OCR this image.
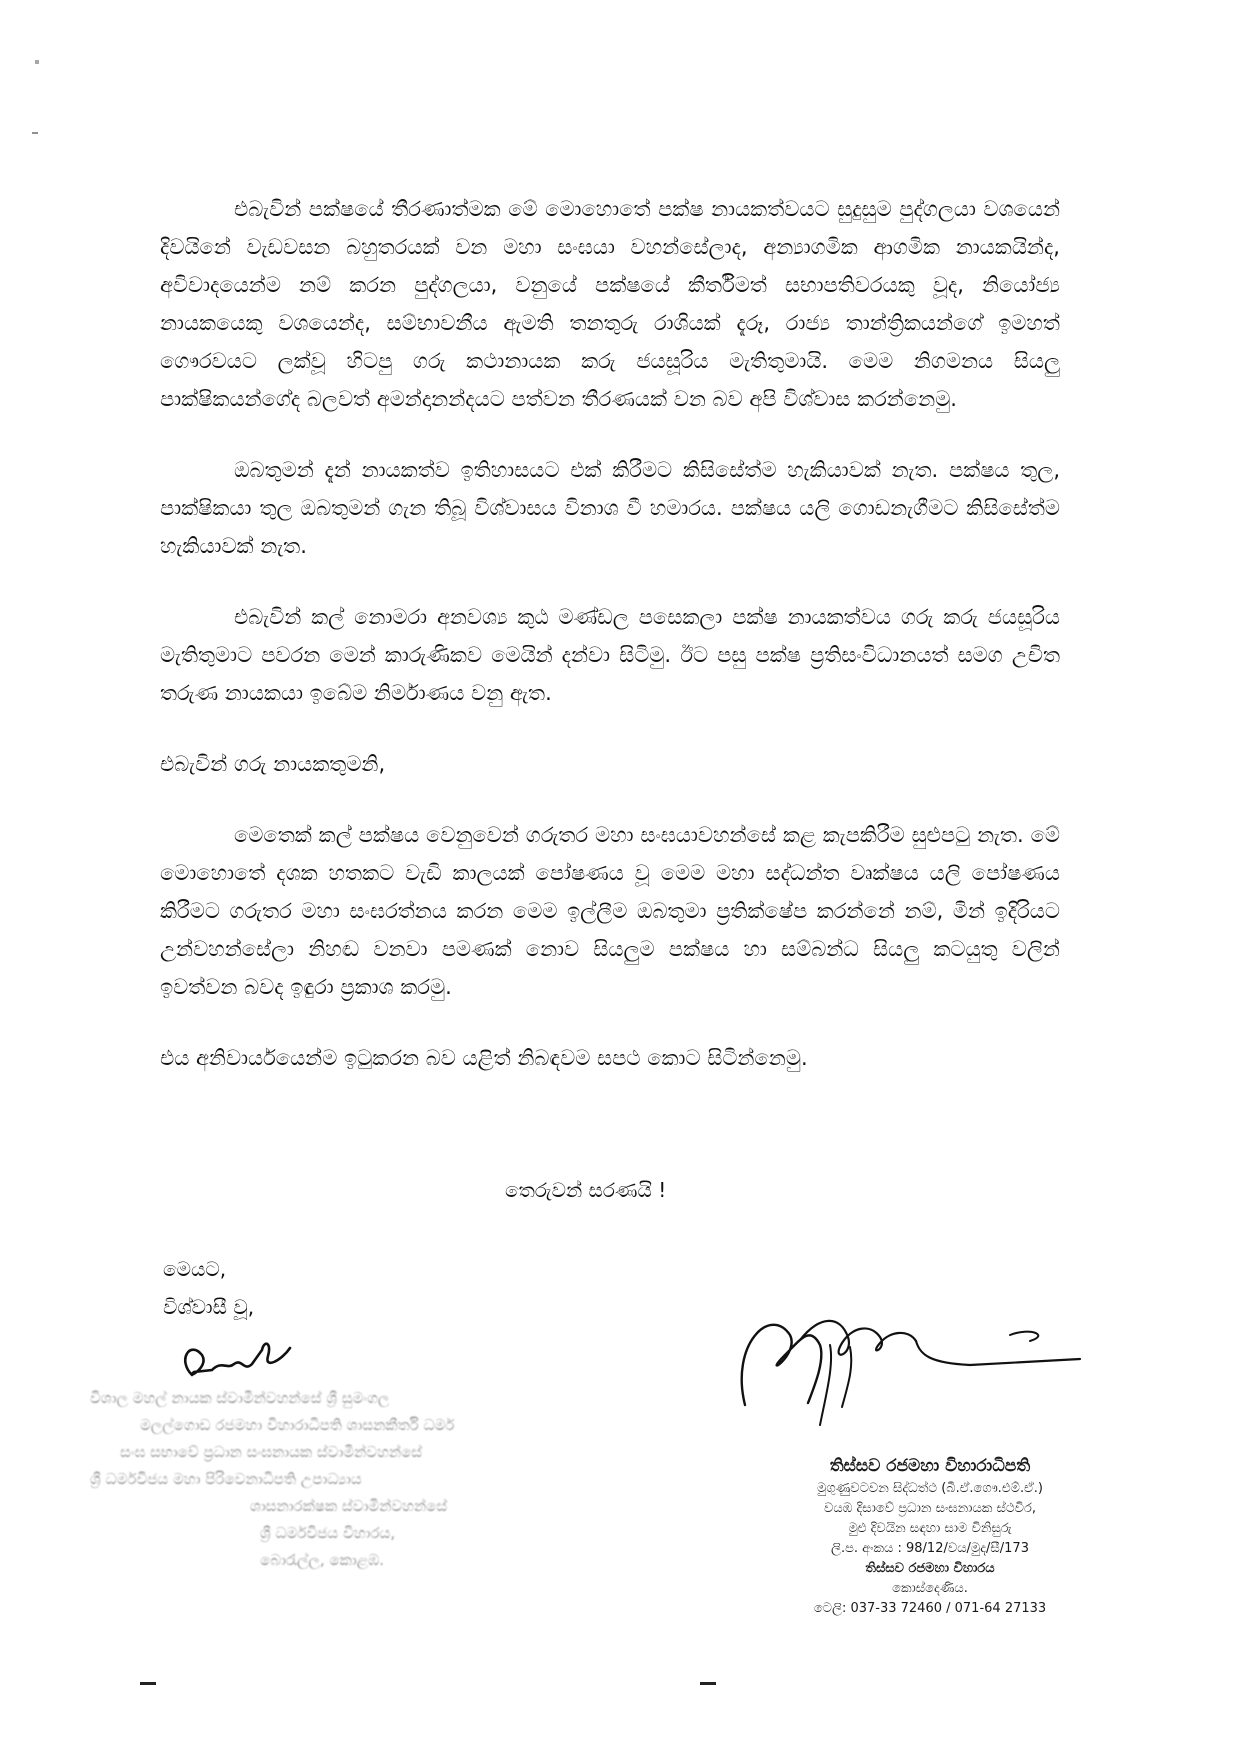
එබැවින් පක්ෂයේ තීරණාත්මක මේ මොහොතේ පක්ෂ නායකත්වයට සුදුසුම පුද්ගලයා වශයෙන් දිවයිනේ වැඩවසන බහුතරයක් වන මහා සංඝයා වහන්සේලාද, අන්‍යාගමික ආගමික නායකයින්ද, අවිවාදයෙන්ම නම් කරන පුද්ගලයා, වනුයේ පක්ෂයේ කීර්තිමත් සභාපතිවරයකු වූද, නියෝජ්‍ය නායකයෙකු වශයෙන්ද, සම්භාවනීය ඇමති තනතුරු රාශියක් දැරූ, රාජ්‍ය තාන්ත්‍රිකයන්ගේ ඉමහත් ගෞරවයට ලක්වූ හිටපු ගරු කථානායක කරු ජයසූරිය මැතිතුමායි. මෙම නිගමනය සියලු පාක්ෂිකයන්ගේද බලවත් අමන්දානන්දයට පත්වන තීරණයක් වන බව අපි විශ්වාස කරන්නෙමු.

ඔබතුමන් දැන් නායකත්ව ඉතිහාසයට එක් කිරීමට කිසිසේත්ම හැකියාවක් නැත. පක්ෂය තුල, පාක්ෂිකයා තුල ඔබතුමන් ගැන තිබූ විශ්වාසය විනාශ වී හමාරය. පක්ෂය යලි ගොඩනැගීමට කිසිසේත්ම හැකියාවක් නැත.

එබැවින් කල් නොමරා අනවශ්‍ය කුඨ මණ්ඩල පසෙකලා පක්ෂ නායකත්වය ගරු කරු ජයසූරිය මැතිතුමාට පවරන මෙන් කාරුණිකව මෙයින් දන්වා සිටිමු. ඊට පසු පක්ෂ ප්‍රතිසංවිධානයත් සමග උචිත තරුණ නායකයා ඉබේම නිර්මාණය වනු ඇත.

එබැවින් ගරු නායකතුමනි,

මෙතෙක් කල් පක්ෂය වෙනුවෙන් ගරුතර මහා සංඝයාවහන්සේ කළ කැපකිරීම සුළුපටු නැත. මේ මොහොතේ දශක හතකට වැඩි කාලයක් පෝෂණය වූ මෙම මහා සද්ධන්ත වෘක්ෂය යලි පෝෂණය කිරීමට ගරුතර මහා සංඝරත්නය කරන මෙම ඉල්ලීම ඔබතුමා ප්‍රතික්ෂේප කරන්නේ නම්, මින් ඉදිරියට උන්වහන්සේලා නිහඬ වනවා පමණක් නොව සියලුම පක්ෂය හා සම්බන්ධ සියලු කටයුතු වලින් ඉවත්වන බවද ඉඳුරා ප්‍රකාශ කරමු.

එය අනිවාර්යයෙන්ම ඉටුකරන බව යළිත් නිබඳවම සපථ කොට සිටින්නෙමු.

තෙරුවන් සරණයි !
මෙයට,
විශ්වාසී වූ,
විශාල මහල් නායක ස්වාමීන්වහන්සේ ශ්‍රී සුමංගල
මලල්ගොඩ රජමහා විහාරාධිපති ශාසනකීර්ති ධර්ම
සංඝ සභාවේ ප්‍රධාන සංඝනායක ස්වාමීන්වහන්සේ
ශ්‍රී ධර්මවිජය මහා පිරිවෙනාධිපති උපාධ්‍යාය
ශාසනාරක්ෂක ස්වාමීන්වහන්සේ
ශ්‍රී ධර්මවිජය විහාරය,
බොරැල්ල, කොළඹ.
තිස්සව රජමහා විහාරාධිපති
මුගුණුවටවන සිද්ධත්ථ (බී.ඒ.ගෞ.එම්.ඒ.)
වයඹ දිසාවේ ප්‍රධාන සංඝනායක ස්ථවිර,
මුළු දිවයින සඳහා සාම විනිසුරු
ලි.ප. අංකය : 98/12/වය/මුද/සී/173
තිස්සව රජමහා විහාරය
කොස්දෙණිය.
ටෙලි: 037-33 72460 / 071-64 27133
